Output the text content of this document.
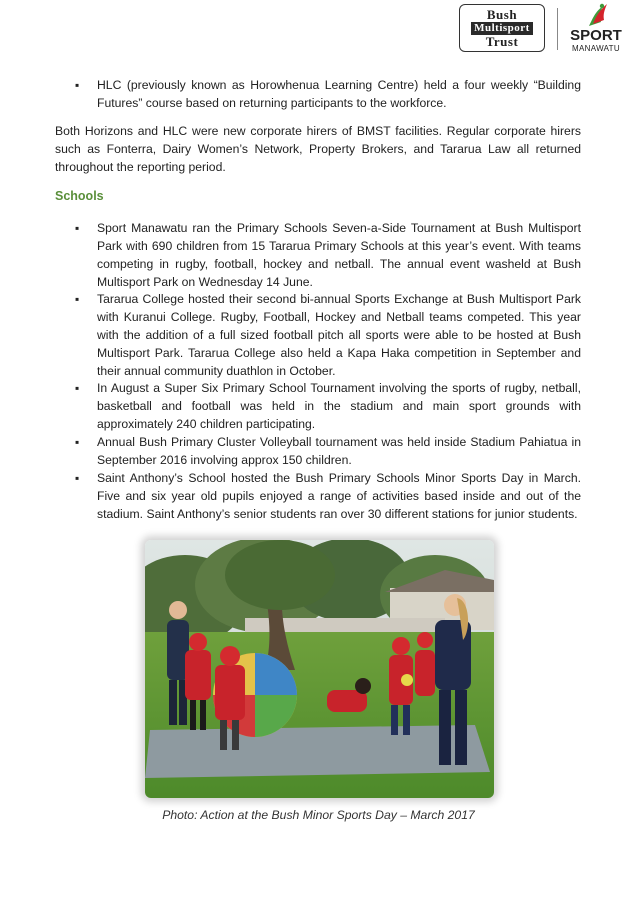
Bush
Multisport
Trust	SPORT
MANAWATU
▪ HLC (previously known as Horowhenua Learning Centre) held a four weekly “Building Futures” course based on returning participants to the workforce.
Both Horizons and HLC were new corporate hirers of BMST facilities. Regular corporate hirers such as Fonterra, Dairy Women’s Network, Property Brokers, and Tararua Law all returned throughout the reporting period.
Schools
▪ Sport Manawatu ran the Primary Schools Seven-a-Side Tournament at Bush Multisport Park with 690 children from 15 Tararua Primary Schools at this year’s event. With teams competing in rugby, football, hockey and netball. The annual event washeld at Bush Multisport Park on Wednesday 14 June.
▪ Tararua College hosted their second bi-annual Sports Exchange at Bush Multisport Park with Kuranui College. Rugby, Football, Hockey and Netball teams competed. This year with the addition of a full sized football pitch all sports were able to be hosted at Bush Multisport Park. Tararua College also held a Kapa Haka competition in September and their annual community duathlon in October.
▪ In August a Super Six Primary School Tournament involving the sports of rugby, netball, basketball and football was held in the stadium and main sport grounds with approximately 240 children participating.
▪ Annual Bush Primary Cluster Volleyball tournament was held inside Stadium Pahiatua in September 2016 involving approx 150 children.
▪ Saint Anthony’s School hosted the Bush Primary Schools Minor Sports Day in March. Five and six year old pupils enjoyed a range of activities based inside and out of the stadium. Saint Anthony’s senior students ran over 30 different stations for junior students.
Photo: Action at the Bush Minor Sports Day – March 2017
